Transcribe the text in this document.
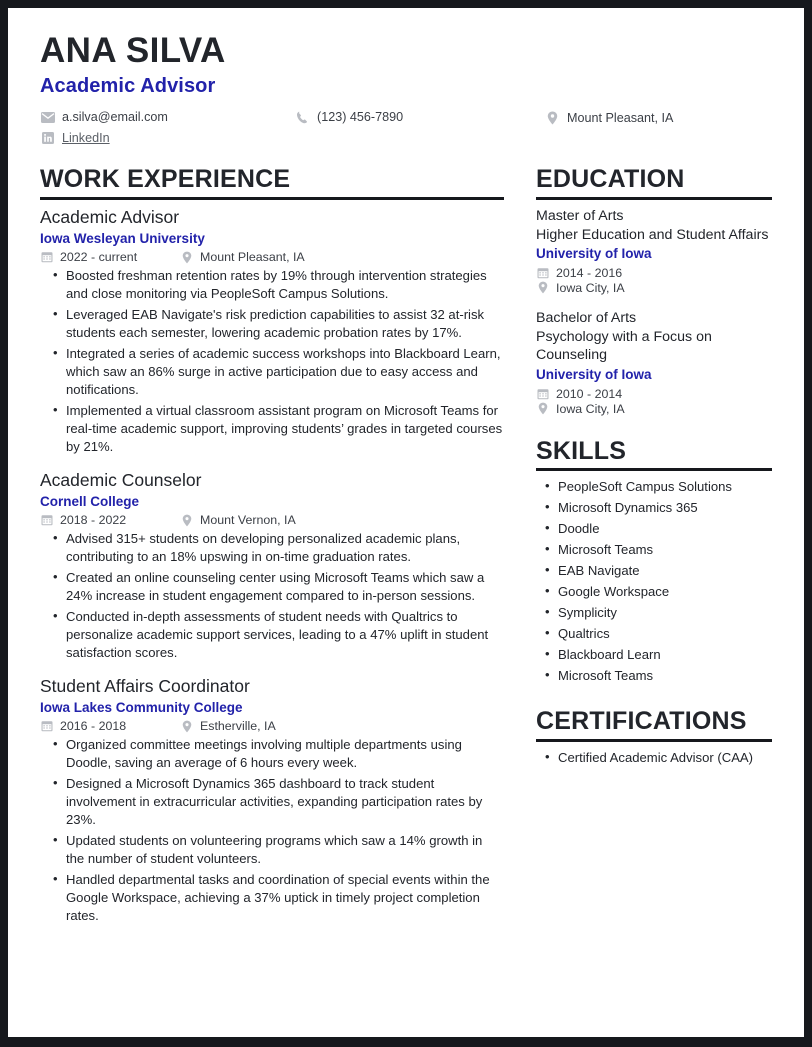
ANA SILVA
Academic Advisor
a.silva@email.com	(123) 456-7890	Mount Pleasant, IA
LinkedIn
WORK EXPERIENCE
Academic Advisor
Iowa Wesleyan University
2022 - current	Mount Pleasant, IA
• Boosted freshman retention rates by 19% through intervention strategies and close monitoring via PeopleSoft Campus Solutions.
• Leveraged EAB Navigate's risk prediction capabilities to assist 32 at-risk students each semester, lowering academic probation rates by 17%.
• Integrated a series of academic success workshops into Blackboard Learn, which saw an 86% surge in active participation due to easy access and notifications.
• Implemented a virtual classroom assistant program on Microsoft Teams for real-time academic support, improving students’ grades in targeted courses by 21%.
Academic Counselor
Cornell College
2018 - 2022	Mount Vernon, IA
• Advised 315+ students on developing personalized academic plans, contributing to an 18% upswing in on-time graduation rates.
• Created an online counseling center using Microsoft Teams which saw a 24% increase in student engagement compared to in-person sessions.
• Conducted in-depth assessments of student needs with Qualtrics to personalize academic support services, leading to a 47% uplift in student satisfaction scores.
Student Affairs Coordinator
Iowa Lakes Community College
2016 - 2018	Estherville, IA
• Organized committee meetings involving multiple departments using Doodle, saving an average of 6 hours every week.
• Designed a Microsoft Dynamics 365 dashboard to track student involvement in extracurricular activities, expanding participation rates by 23%.
• Updated students on volunteering programs which saw a 14% growth in the number of student volunteers.
• Handled departmental tasks and coordination of special events within the Google Workspace, achieving a 37% uptick in timely project completion rates.
EDUCATION
Master of Arts
Higher Education and Student Affairs
University of Iowa
2014 - 2016
Iowa City, IA
Bachelor of Arts
Psychology with a Focus on Counseling
University of Iowa
2010 - 2014
Iowa City, IA
SKILLS
• PeopleSoft Campus Solutions
• Microsoft Dynamics 365
• Doodle
• Microsoft Teams
• EAB Navigate
• Google Workspace
• Symplicity
• Qualtrics
• Blackboard Learn
• Microsoft Teams
CERTIFICATIONS
• Certified Academic Advisor (CAA)
